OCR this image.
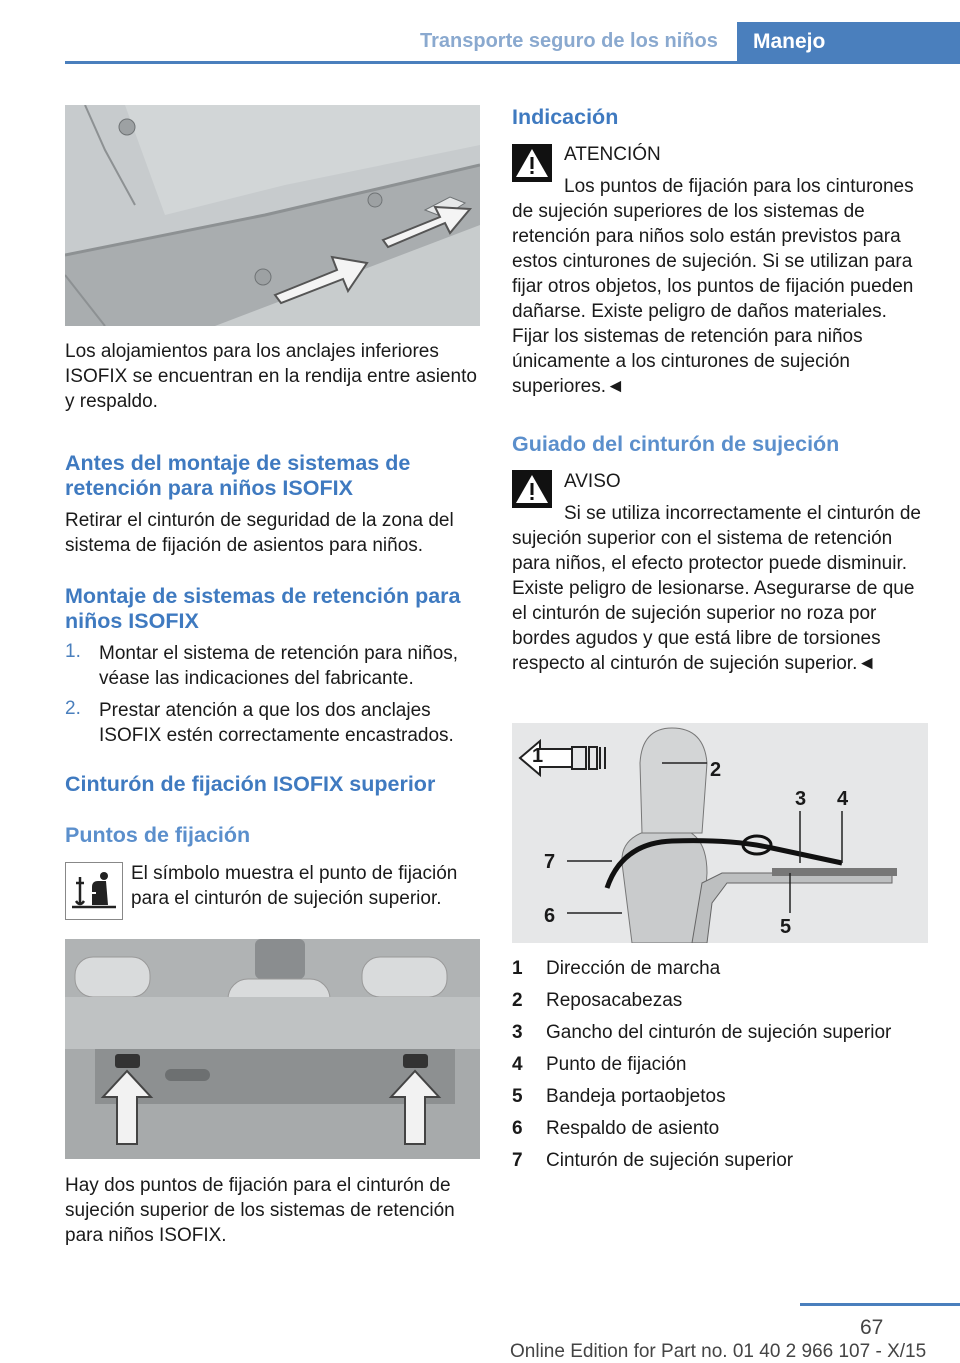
Transporte seguro de los niños Manejo

Los alojamientos para los anclajes inferiores ISOFIX se encuentran en la rendija entre asiento y respaldo.

Antes del montaje de sistemas de retención para niños ISOFIX

Retirar el cinturón de seguridad de la zona del sistema de fijación de asientos para niños.

Montaje de sistemas de retención para niños ISOFIX
1. Montar el sistema de retención para niños, véase las indicaciones del fabricante.
2. Prestar atención a que los dos anclajes ISOFIX estén correctamente encastrados.
Cinturón de fijación ISOFIX superior
Puntos de fijación

El símbolo muestra el punto de fijación para el cinturón de sujeción superior.

Hay dos puntos de fijación para el cinturón de sujeción superior de los sistemas de retención para niños ISOFIX.

Indicación
ATENCIÓN

Los puntos de fijación para los cinturones de sujeción superiores de los sistemas de retención para niños solo están previstos para estos cinturones de sujeción. Si se utilizan para fijar otros objetos, los puntos de fijación pueden dañarse. Existe peligro de daños materiales. Fijar los sistemas de retención para niños únicamente a los cinturones de sujeción superiores.◄

Guiado del cinturón de sujeción
AVISO

Si se utiliza incorrectamente el cinturón de sujeción superior con el sistema de retención para niños, el efecto protector puede disminuir. Existe peligro de lesionarse. Asegurarse de que el cinturón de sujeción superior no roza por bordes agudos y que está libre de torsiones respecto al cinturón de sujeción superior.◄

1
2
3 4
5
6
7
1 Dirección de marcha
2 Reposacabezas
3 Gancho del cinturón de sujeción superior
4 Punto de fijación
5 Bandeja portaobjetos
6 Respaldo de asiento
7 Cinturón de sujeción superior
67
Online Edition for Part no. 01 40 2 966 107 - X/15
